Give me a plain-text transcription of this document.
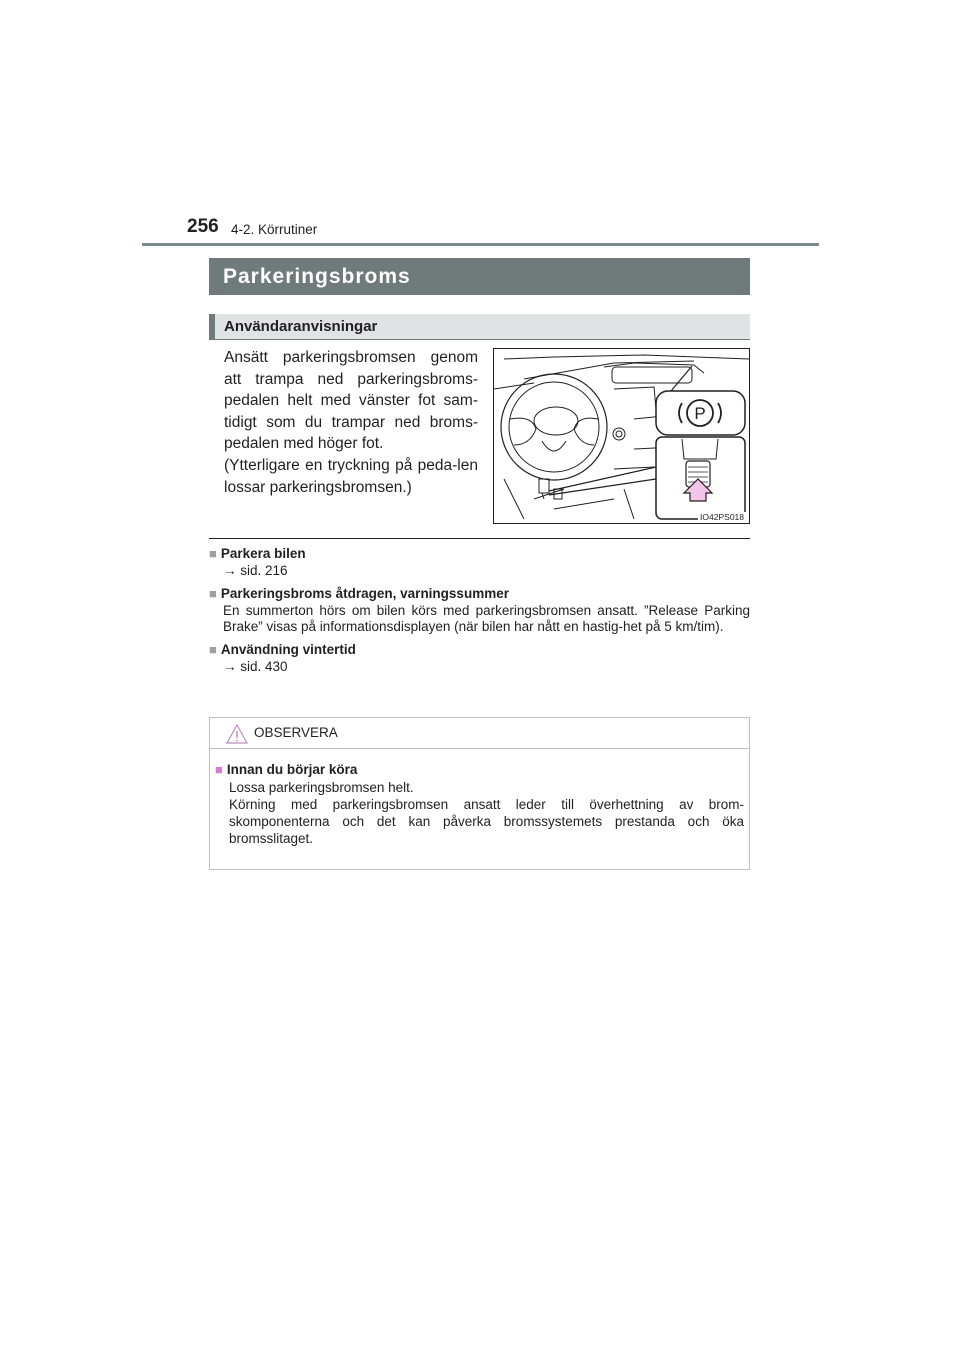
256 4-2. Körrutiner
Parkeringsbroms
Användaranvisningar

Ansätt parkeringsbromsen genom att trampa ned parkeringsbroms-pedalen helt med vänster fot sam-tidigt som du trampar ned broms-pedalen med höger fot.

(Ytterligare en tryckning på peda-len lossar parkeringsbromsen.)

P
IO42PS018
■ Parkera bilen
→ sid. 216
■ Parkeringsbroms åtdragen, varningssummer
En summerton hörs om bilen körs med parkeringsbromsen ansatt. ”Release Parking Brake” visas på informationsdisplayen (när bilen har nått en hastig-het på 5 km/tim).
■ Användning vintertid
→ sid. 430
OBSERVERA
■ Innan du börjar köra
Lossa parkeringsbromsen helt.
Körning med parkeringsbromsen ansatt leder till överhettning av brom-skomponenterna och det kan påverka bromssystemets prestanda och öka bromsslitaget.
